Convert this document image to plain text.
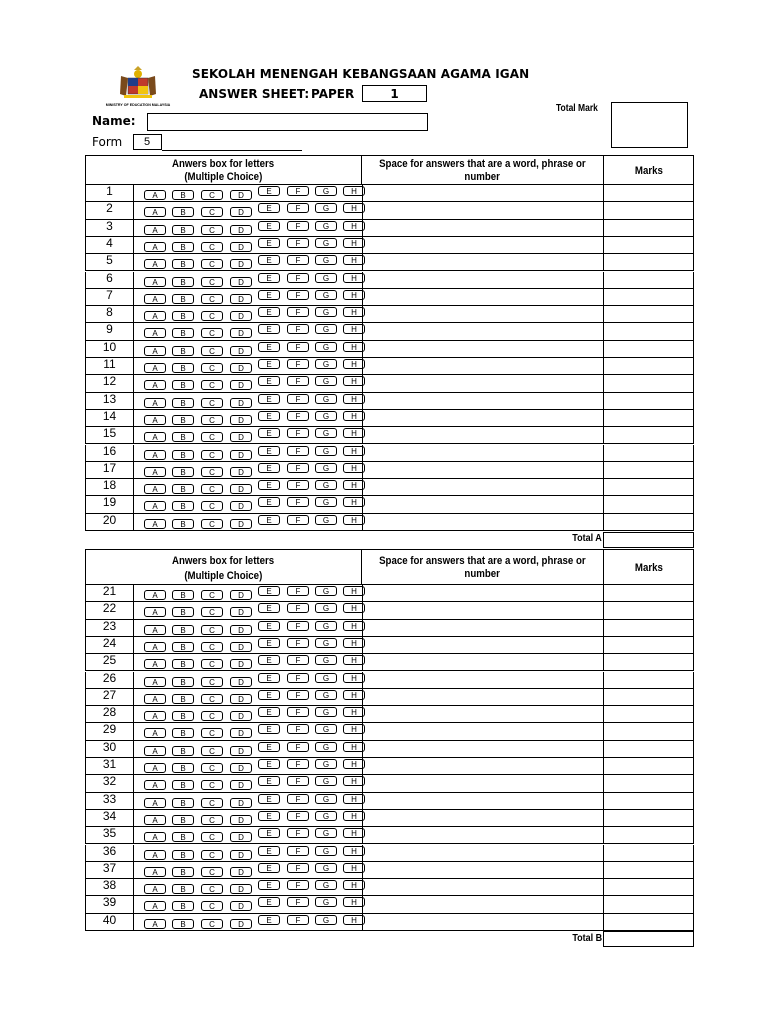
MINISTRY OF EDUCATION MALAYSIA
SEKOLAH MENENGAH KEBANGSAAN AGAMA IGAN
ANSWER SHEET: PAPER	1
Total Mark
Name:
Form	5
Anwers box for letters
(Multiple Choice)
Space for answers that are a word, phrase or
number	Marks
1	A	B	C	D	E	F	G	H
2	A	B	C	D	E	F	G	H
3	A	B	C	D	E	F	G	H
4	A	B	C	D	E	F	G	H
5	A	B	C	D	E	F	G	H
6	A	B	C	D	E	F	G	H
7	A	B	C	D	E	F	G	H
8	A	B	C	D	E	F	G	H
9	A	B	C	D	E	F	G	H
10	A	B	C	D	E	F	G	H
11	A	B	C	D	E	F	G	H
12	A	B	C	D	E	F	G	H
13	A	B	C	D	E	F	G	H
14	A	B	C	D	E	F	G	H
15	A	B	C	D	E	F	G	H
16	A	B	C	D	E	F	G	H
17	A	B	C	D	E	F	G	H
18	A	B	C	D	E	F	G	H
19	A	B	C	D	E	F	G	H
20	A	B	C	D	E	F	G	H
Total A
Anwers box for letters
(Multiple Choice)
Space for answers that are a word, phrase or
number	Marks
21	A	B	C	D	E	F	G	H
22	A	B	C	D	E	F	G	H
23	A	B	C	D	E	F	G	H
24	A	B	C	D	E	F	G	H
25	A	B	C	D	E	F	G	H
26	A	B	C	D	E	F	G	H
27	A	B	C	D	E	F	G	H
28	A	B	C	D	E	F	G	H
29	A	B	C	D	E	F	G	H
30	A	B	C	D	E	F	G	H
31	A	B	C	D	E	F	G	H
32	A	B	C	D	E	F	G	H
33	A	B	C	D	E	F	G	H
34	A	B	C	D	E	F	G	H
35	A	B	C	D	E	F	G	H
36	A	B	C	D	E	F	G	H
37	A	B	C	D	E	F	G	H
38	A	B	C	D	E	F	G	H
39	A	B	C	D	E	F	G	H
40	A	B	C	D	E	F	G	H
Total B
